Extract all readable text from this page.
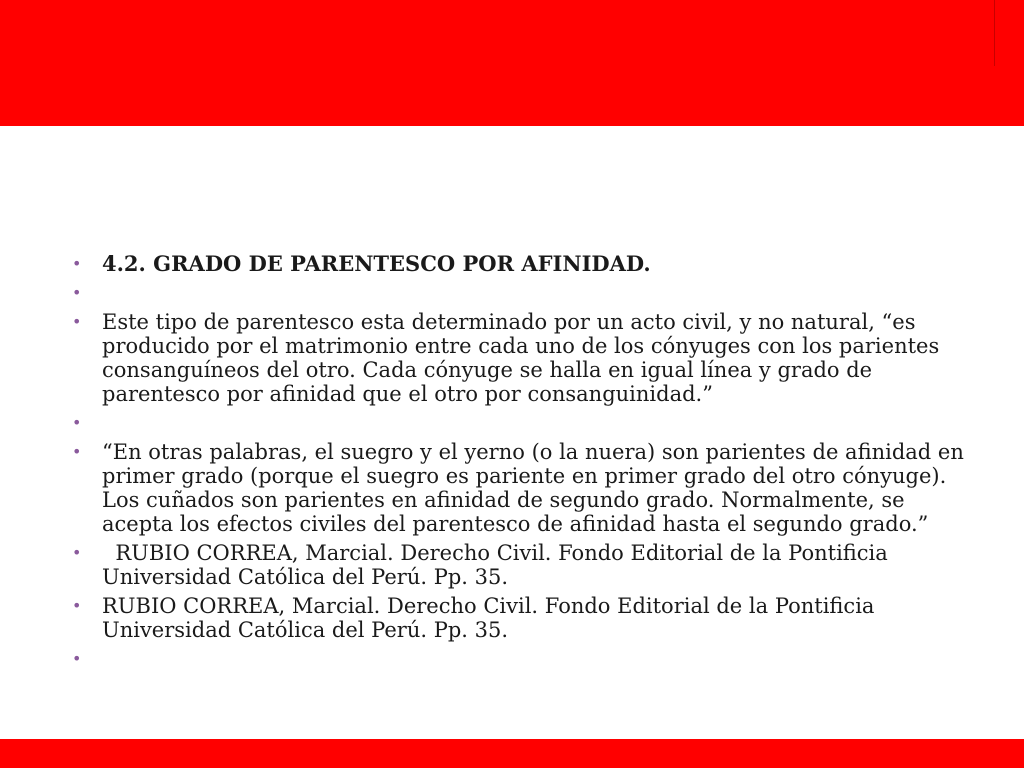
• 4.2. GRADO DE PARENTESCO POR AFINIDAD.
•
• Este tipo de parentesco esta determinado por un acto civil, y no natural, “es producido por el matrimonio entre cada uno de los cónyuges con los parientes consanguíneos del otro. Cada cónyuge se halla en igual línea y grado de parentesco por afinidad que el otro por consanguinidad.”
•
• “En otras palabras, el suegro y el yerno (o la nuera) son parientes de afinidad en primer grado (porque el suegro es pariente en primer grado del otro cónyuge). Los cuñados son parientes en afinidad de segundo grado. Normalmente, se acepta los efectos civiles del parentesco de afinidad hasta el segundo grado.”
• RUBIO CORREA, Marcial. Derecho Civil. Fondo Editorial de la Pontificia Universidad Católica del Perú. Pp. 35.
• RUBIO CORREA, Marcial. Derecho Civil. Fondo Editorial de la Pontificia Universidad Católica del Perú. Pp. 35.
•
